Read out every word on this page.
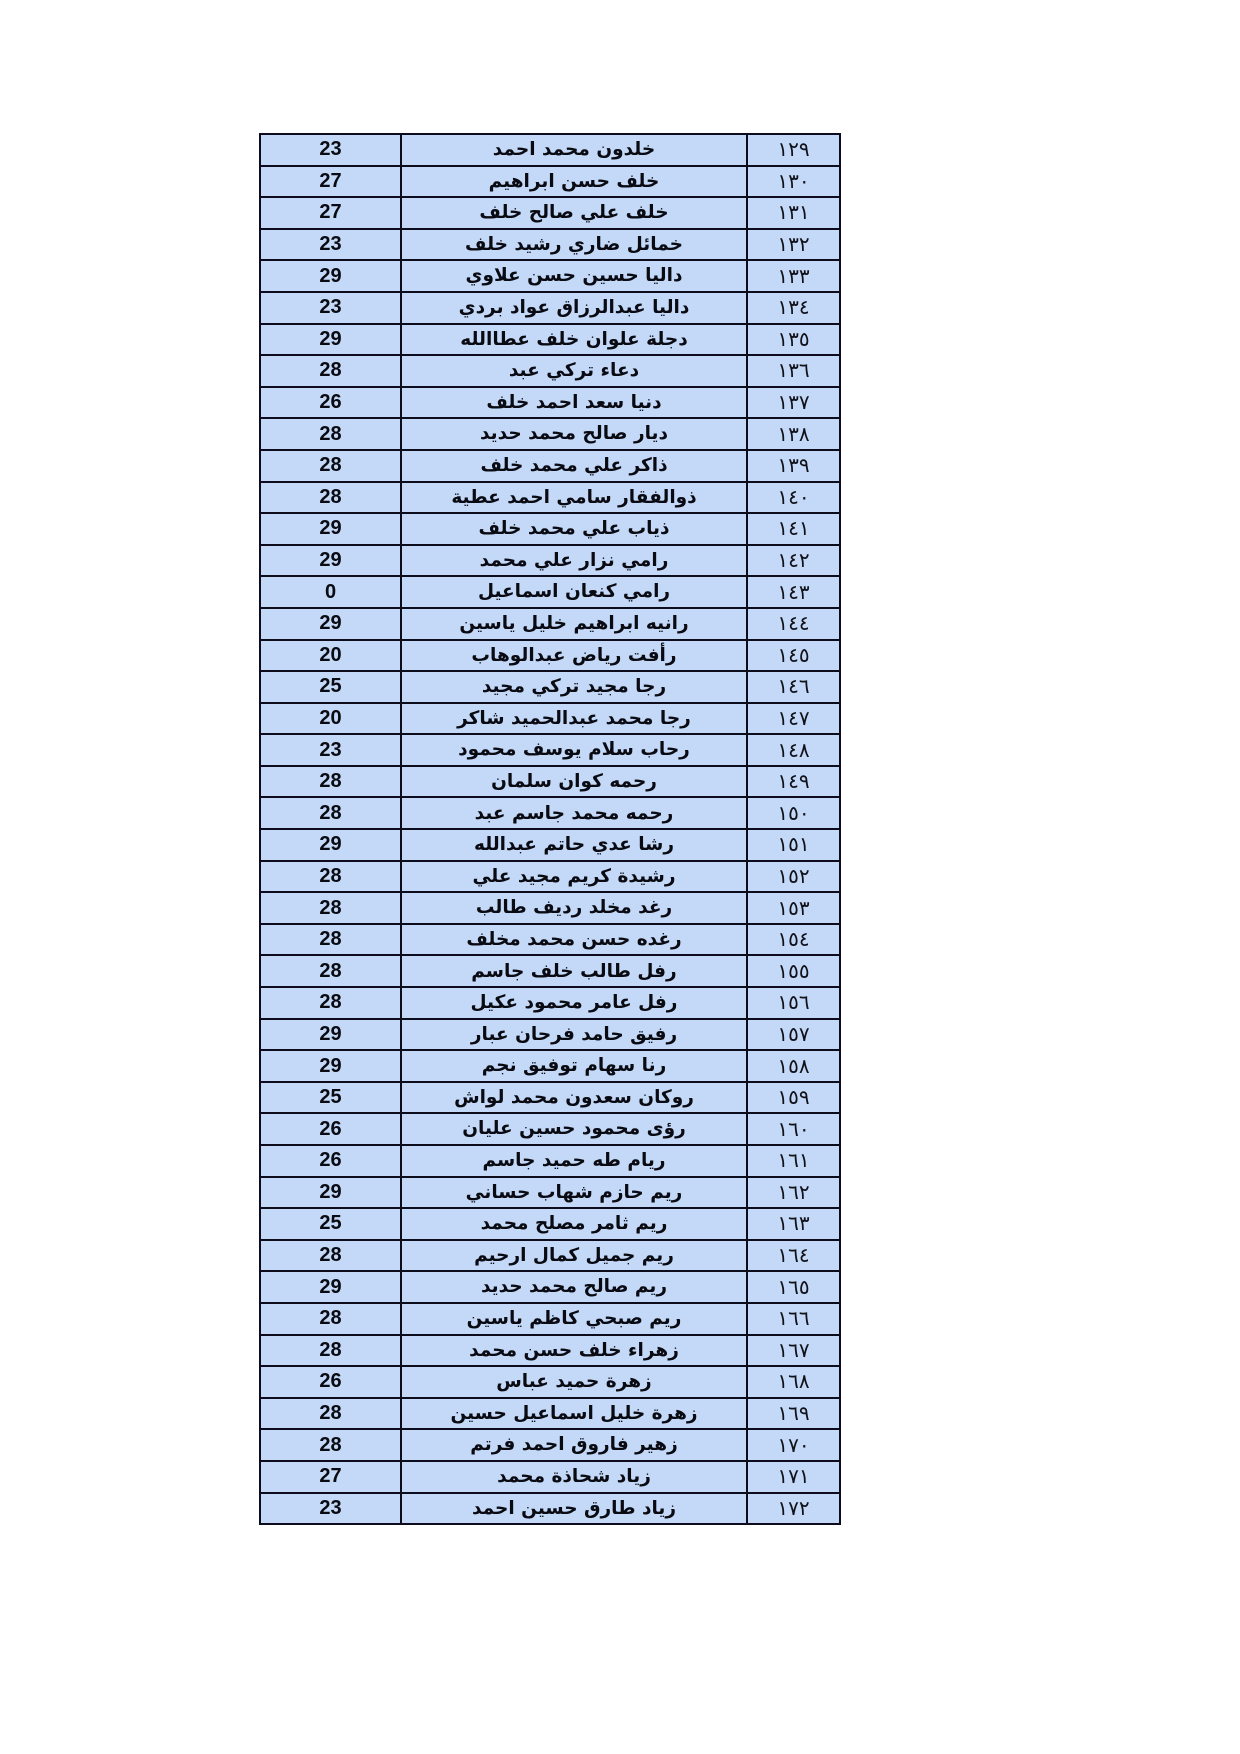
١٢٩	خلدون محمد احمد	23
١٣٠	خلف حسن ابراهيم	27
١٣١	خلف علي صالح خلف	27
١٣٢	خمائل ضاري رشيد خلف	23
١٣٣	داليا حسين حسن علاوي	29
١٣٤	داليا عبدالرزاق عواد بردي	23
١٣٥	دجلة علوان خلف عطاالله	29
١٣٦	دعاء تركي عبد	28
١٣٧	دنيا سعد احمد خلف	26
١٣٨	ديار صالح محمد حديد	28
١٣٩	ذاكر علي محمد خلف	28
١٤٠	ذوالفقار سامي احمد عطية	28
١٤١	ذياب علي محمد خلف	29
١٤٢	رامي نزار علي محمد	29
١٤٣	رامي كنعان اسماعيل	0
١٤٤	رانيه ابراهيم خليل ياسين	29
١٤٥	رأفت رياض عبدالوهاب	20
١٤٦	رجا مجيد تركي مجيد	25
١٤٧	رجا محمد عبدالحميد شاكر	20
١٤٨	رحاب سلام يوسف محمود	23
١٤٩	رحمه كوان سلمان	28
١٥٠	رحمه محمد جاسم عبد	28
١٥١	رشا عدي حاتم عبدالله	29
١٥٢	رشيدة كريم مجيد علي	28
١٥٣	رغد مخلد رديف طالب	28
١٥٤	رغده حسن محمد مخلف	28
١٥٥	رفل طالب خلف جاسم	28
١٥٦	رفل عامر محمود عكيل	28
١٥٧	رفيق حامد فرحان عبار	29
١٥٨	رنا سهام توفيق نجم	29
١٥٩	روكان سعدون محمد لواش	25
١٦٠	رؤى محمود حسين عليان	26
١٦١	ريام طه حميد جاسم	26
١٦٢	ريم حازم شهاب حساني	29
١٦٣	ريم ثامر مصلح محمد	25
١٦٤	ريم جميل كمال ارحيم	28
١٦٥	ريم صالح محمد حديد	29
١٦٦	ريم صبحي كاظم ياسين	28
١٦٧	زهراء خلف حسن محمد	28
١٦٨	زهرة حميد عباس	26
١٦٩	زهرة خليل اسماعيل حسين	28
١٧٠	زهير فاروق احمد فرتم	28
١٧١	زياد شحاذة محمد	27
١٧٢	زياد طارق حسين احمد	23
